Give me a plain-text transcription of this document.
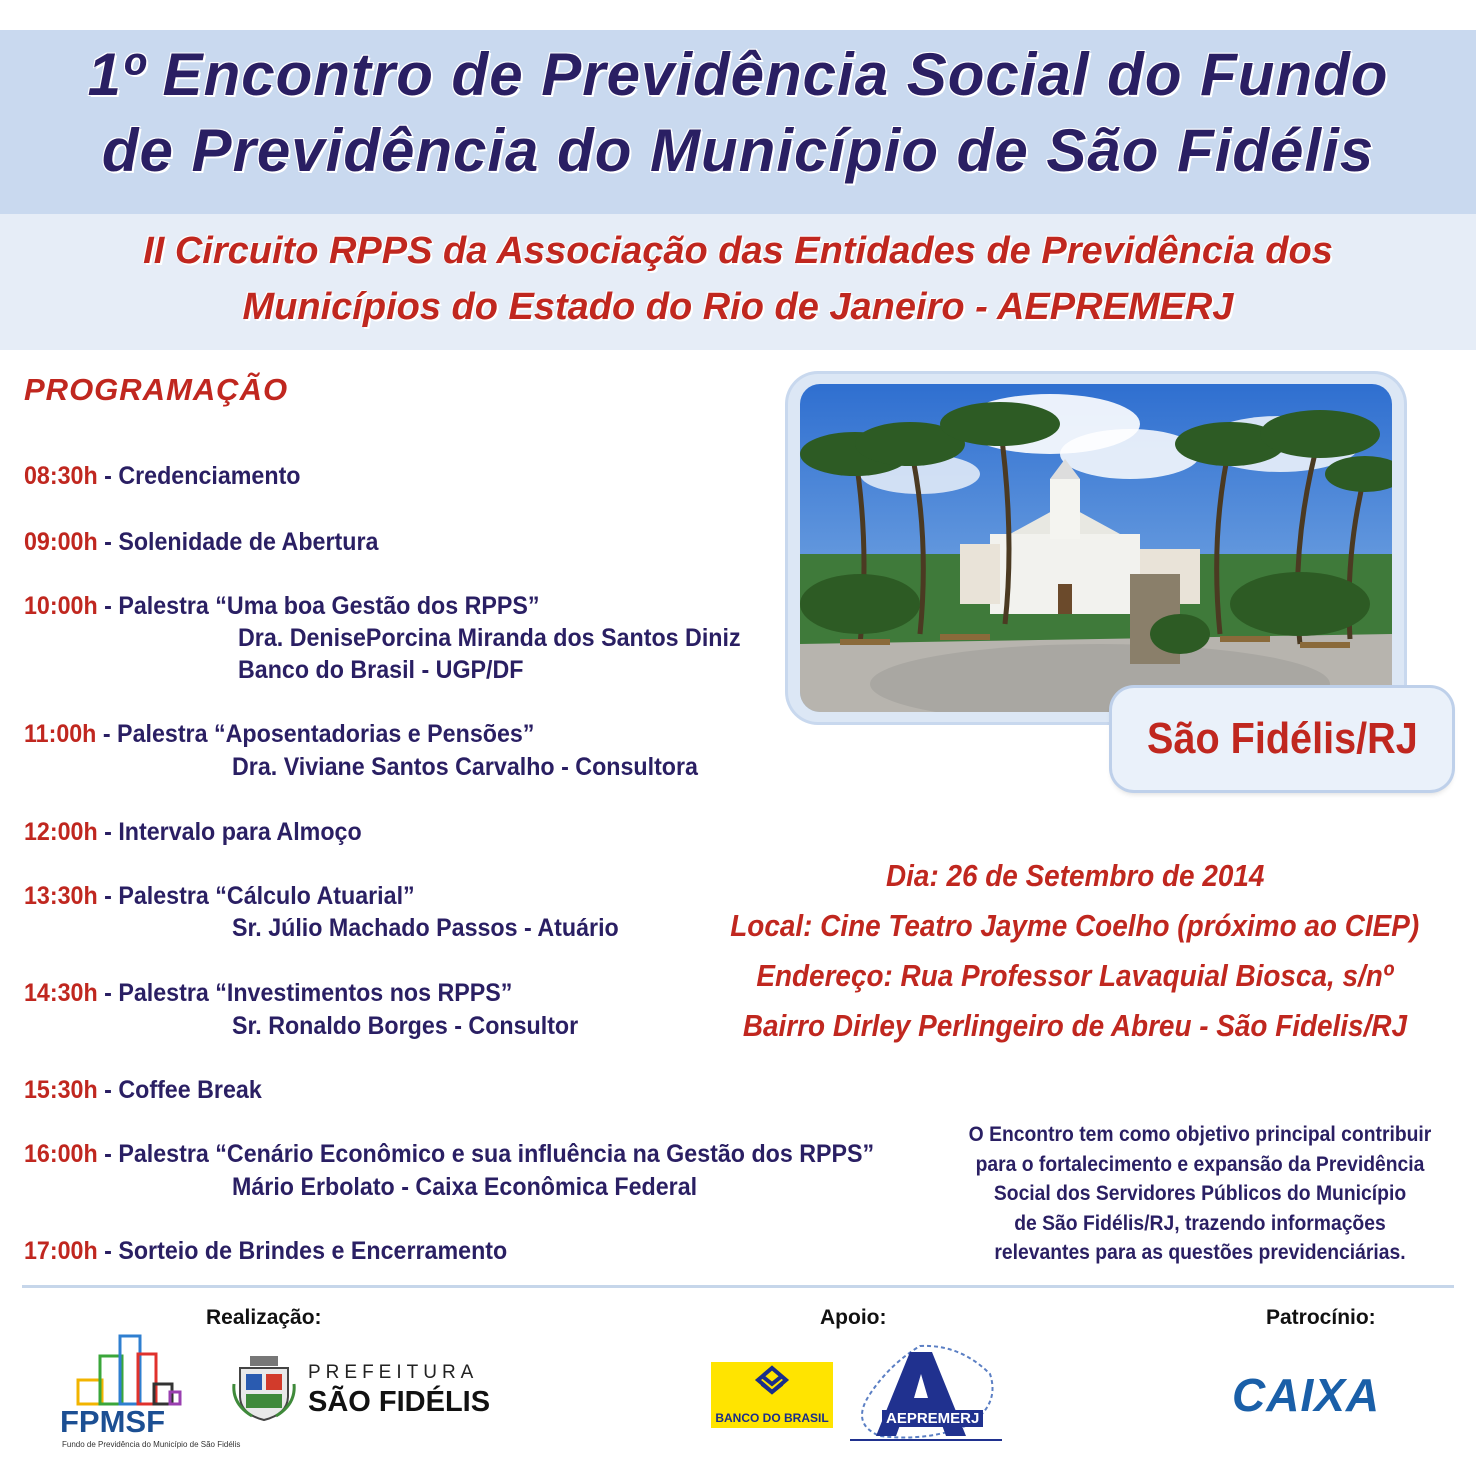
1º Encontro de Previdência Social do Fundo
de Previdência do Município de São Fidélis
II Circuito RPPS da Associação das Entidades de Previdência dos
Municípios do Estado do Rio de Janeiro - AEPREMERJ
PROGRAMAÇÃO
08:30h - Credenciamento
09:00h - Solenidade de Abertura
10:00h - Palestra “Uma boa Gestão dos RPPS”
Dra. DenisePorcina Miranda dos Santos Diniz
Banco do Brasil - UGP/DF
11:00h - Palestra “Aposentadorias e Pensões”
Dra. Viviane Santos Carvalho - Consultora
12:00h - Intervalo para Almoço
13:30h - Palestra “Cálculo Atuarial”
Sr. Júlio Machado Passos - Atuário
14:30h - Palestra “Investimentos nos RPPS”
Sr. Ronaldo Borges - Consultor
15:30h - Coffee Break
16:00h - Palestra “Cenário Econômico e sua influência na Gestão dos RPPS”
Mário Erbolato - Caixa Econômica Federal
17:00h - Sorteio de Brindes e Encerramento
São Fidélis/RJ
Dia: 26 de Setembro de 2014
Local: Cine Teatro Jayme Coelho (próximo ao CIEP)
Endereço: Rua Professor Lavaquial Biosca, s/nº
Bairro Dirley Perlingeiro de Abreu - São Fidelis/RJ
O Encontro tem como objetivo principal contribuir
para o fortalecimento e expansão da Previdência
Social dos Servidores Públicos do Município
de São Fidélis/RJ, trazendo informações
relevantes para as questões previdenciárias.
Realização:	Apoio:	Patrocínio:
FPMSF
Fundo de Previdência do Município de São Fidélis
PREFEITURA
SÃO FIDÉLIS	BANCO DO BRASIL	AEPREMERJ	CAIXA
